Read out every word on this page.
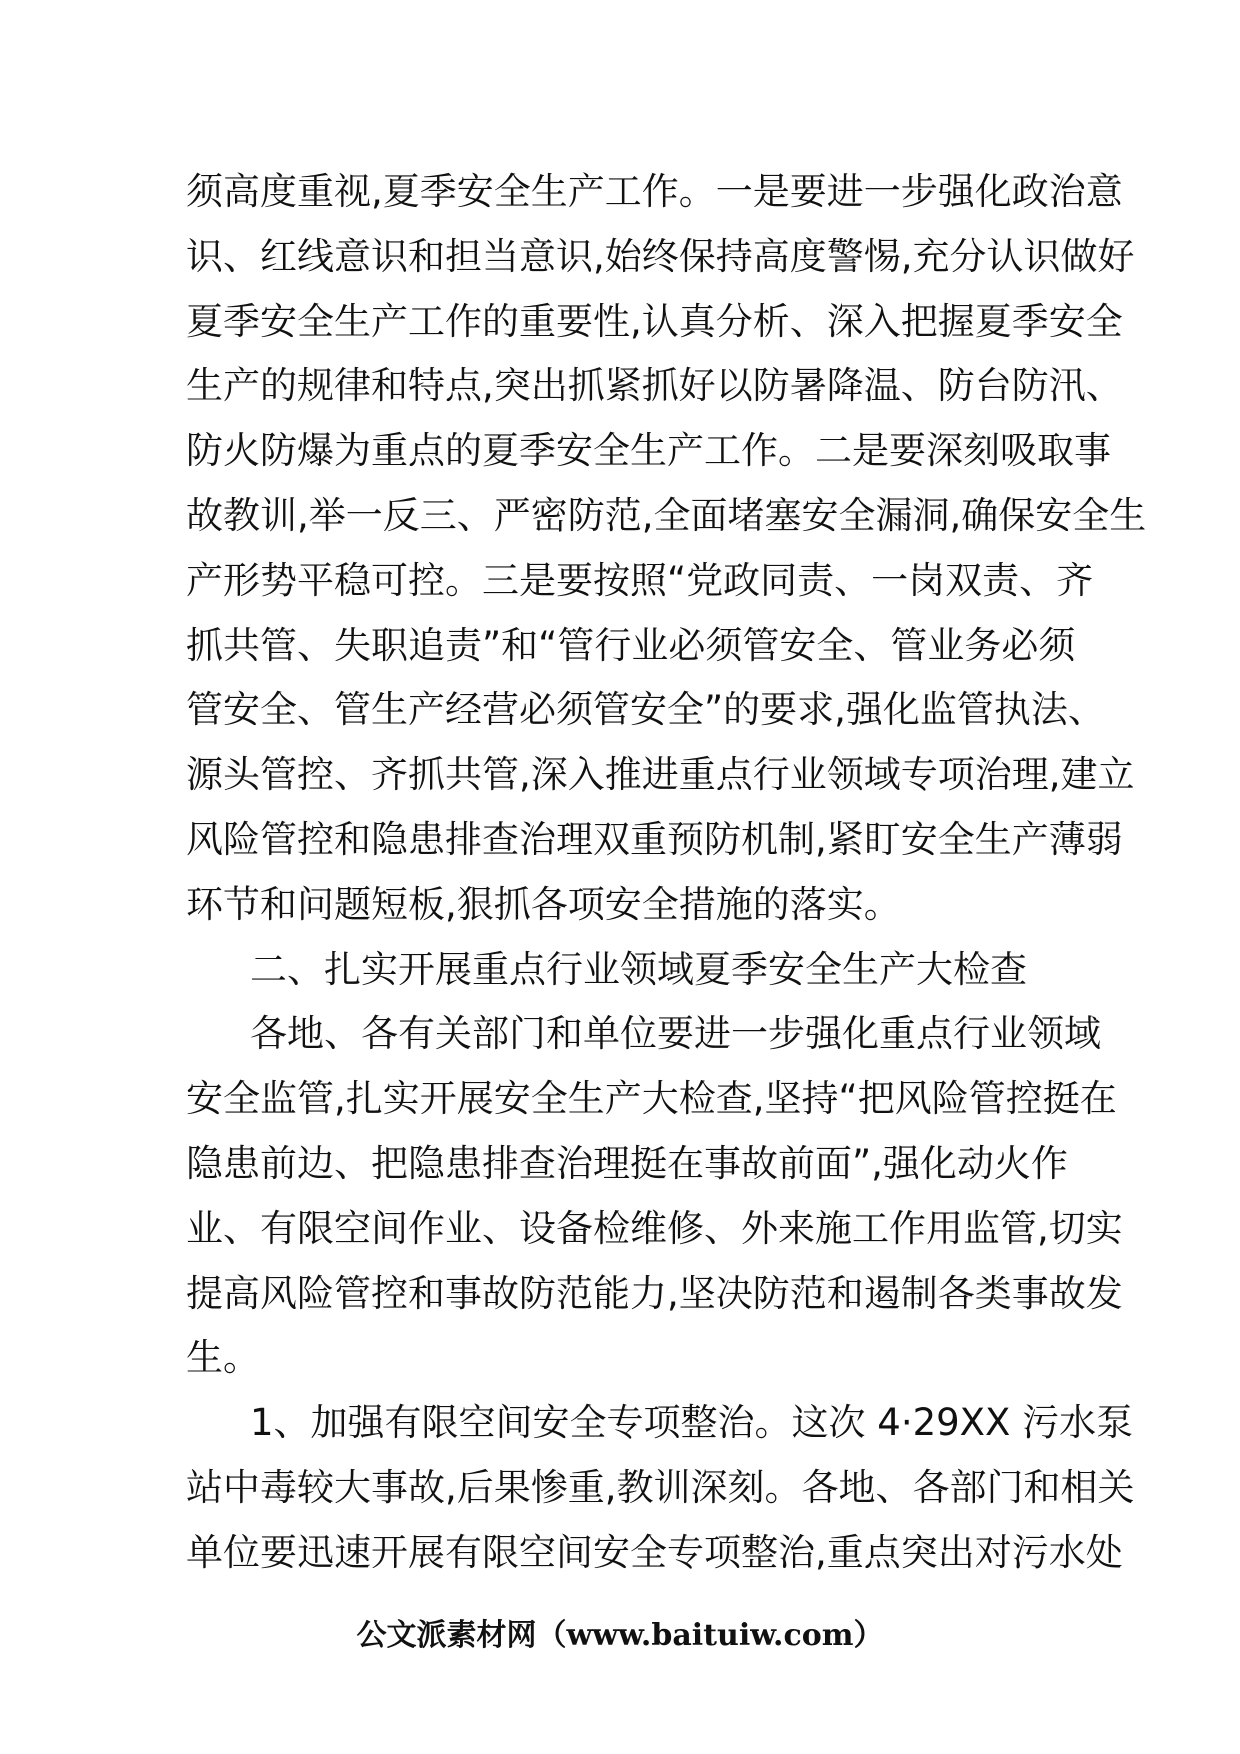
须高度重视,夏季安全生产工作。一是要进一步强化政治意
识、红线意识和担当意识,始终保持高度警惕,充分认识做好
夏季安全生产工作的重要性,认真分析、深入把握夏季安全
生产的规律和特点,突出抓紧抓好以防暑降温、防台防汛、
防火防爆为重点的夏季安全生产工作。二是要深刻吸取事
故教训,举一反三、严密防范,全面堵塞安全漏洞,确保安全生
产形势平稳可控。三是要按照“党政同责、一岗双责、齐
抓共管、失职追责”和“管行业必须管安全、管业务必须
管安全、管生产经营必须管安全”的要求,强化监管执法、
源头管控、齐抓共管,深入推进重点行业领域专项治理,建立
风险管控和隐患排查治理双重预防机制,紧盯安全生产薄弱
环节和问题短板,狠抓各项安全措施的落实。
二、扎实开展重点行业领域夏季安全生产大检查
各地、各有关部门和单位要进一步强化重点行业领域
安全监管,扎实开展安全生产大检查,坚持“把风险管控挺在
隐患前边、把隐患排查治理挺在事故前面”,强化动火作
业、有限空间作业、设备检维修、外来施工作用监管,切实
提高风险管控和事故防范能力,坚决防范和遏制各类事故发
生。
1、加强有限空间安全专项整治。这次 4·29XX 污水泵
站中毒较大事故,后果惨重,教训深刻。各地、各部门和相关
单位要迅速开展有限空间安全专项整治,重点突出对污水处
公文派素材网（www.baituiw.com）
